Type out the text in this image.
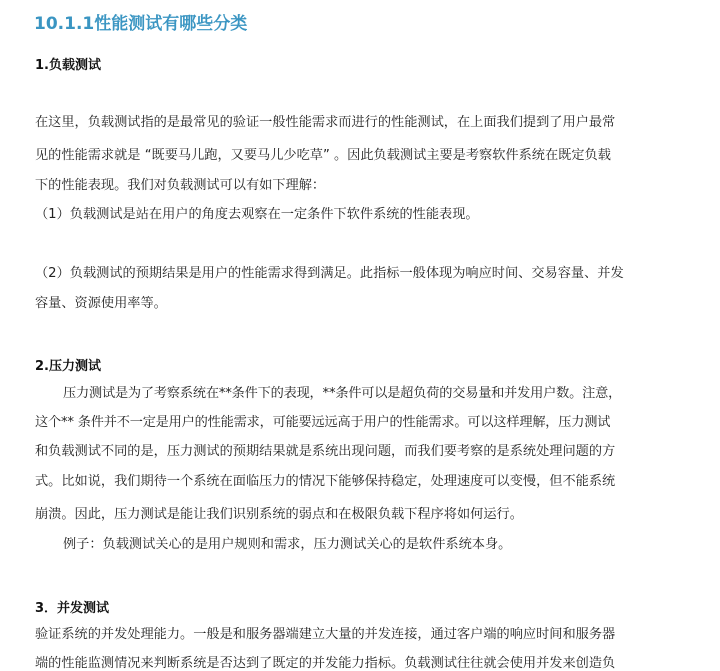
10.1.1性能测试有哪些分类
1.负载测试
在这里，负载测试指的是最常见的验证一般性能需求而进行的性能测试，在上面我们提到了用户最常
见的性能需求就是 “既要马儿跑，又要马儿少吃草” 。因此负载测试主要是考察软件系统在既定负载
下的性能表现。我们对负载测试可以有如下理解：
（1）负载测试是站在用户的角度去观察在一定条件下软件系统的性能表现。
（2）负载测试的预期结果是用户的性能需求得到满足。此指标一般体现为响应时间、交易容量、并发
容量、资源使用率等。
2.压力测试
压力测试是为了考察系统在**条件下的表现，**条件可以是超负荷的交易量和并发用户数。注意，
这个** 条件并不一定是用户的性能需求，可能要远远高于用户的性能需求。可以这样理解，压力测试
和负载测试不同的是，压力测试的预期结果就是系统出现问题，而我们要考察的是系统处理问题的方
式。比如说，我们期待一个系统在面临压力的情况下能够保持稳定，处理速度可以变慢，但不能系统
崩溃。因此，压力测试是能让我们识别系统的弱点和在极限负载下程序将如何运行。
例子：负载测试关心的是用户规则和需求，压力测试关心的是软件系统本身。
3．并发测试
验证系统的并发处理能力。一般是和服务器端建立大量的并发连接，通过客户端的响应时间和服务器
端的性能监测情况来判断系统是否达到了既定的并发能力指标。负载测试往往就会使用并发来创造负
